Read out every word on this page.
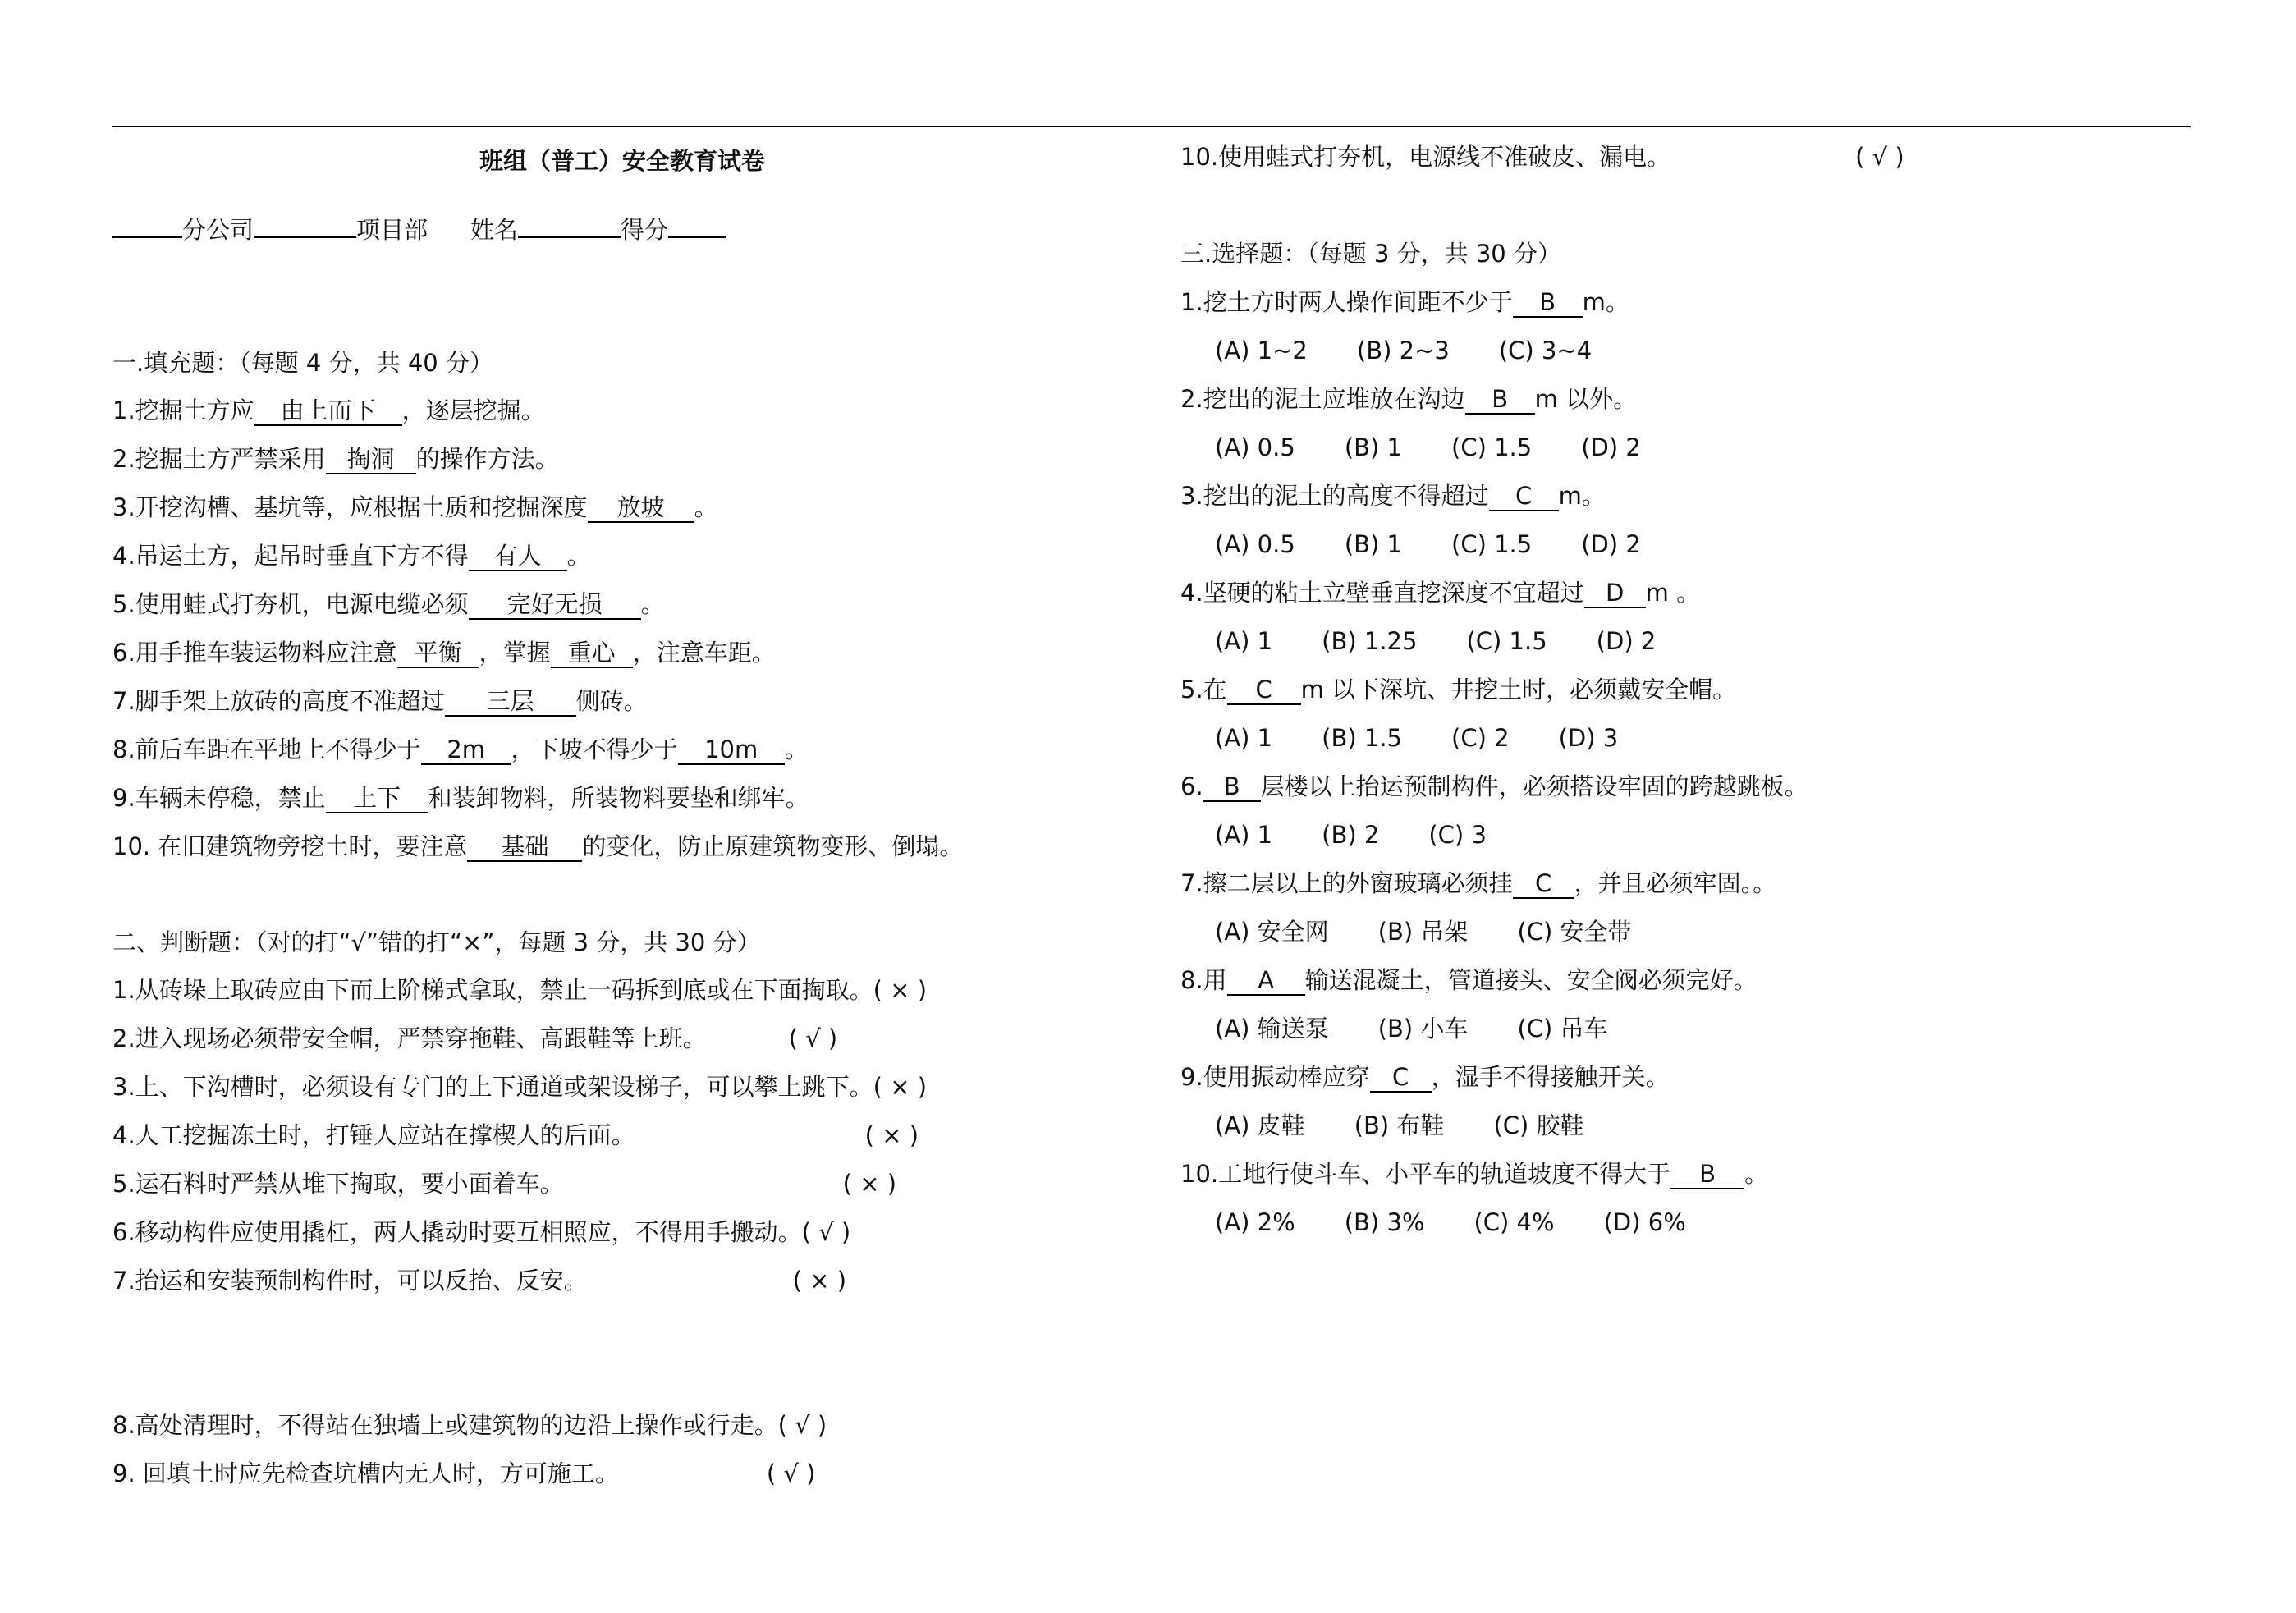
班组（普工）安全教育试卷
分公司	项目部 姓名	得分
一.填充题：（每题 4 分，共 40 分）
1.挖掘土方应 由上而下 ，逐层挖掘。
2.挖掘土方严禁采用 掏洞 的操作方法。
3.开挖沟槽、基坑等，应根据土质和挖掘深度 放坡 。
4.吊运土方，起吊时垂直下方不得 有人 。
5.使用蛙式打夯机，电源电缆必须 完好无损 。
6.用手推车装运物料应注意 平衡 ，掌握 重心 ，注意车距。
7.脚手架上放砖的高度不准超过 三层 侧砖。
8.前后车距在平地上不得少于 2m ，下坡不得少于 10m 。
9.车辆未停稳，禁止 上下 和装卸物料，所装物料要垫和绑牢。
10. 在旧建筑物旁挖土时，要注意 基础 的变化，防止原建筑物变形、倒塌。
二、判断题：（对的打“√”错的打“×”，每题 3 分，共 30 分）
1.从砖垛上取砖应由下而上阶梯式拿取，禁止一码拆到底或在下面掏取。( × )
2.进入现场必须带安全帽，严禁穿拖鞋、高跟鞋等上班。	( √ )
3.上、下沟槽时，必须设有专门的上下通道或架设梯子，可以攀上跳下。( × )
4.人工挖掘冻土时，打锤人应站在撑楔人的后面。	( × )
5.运石料时严禁从堆下掏取，要小面着车。	( × )
6.移动构件应使用撬杠，两人撬动时要互相照应，不得用手搬动。( √ )
7.抬运和安装预制构件时，可以反抬、反安。	( × )
8.高处清理时，不得站在独墙上或建筑物的边沿上操作或行走。( √ )
9. 回填土时应先检查坑槽内无人时，方可施工。	( √ )
10.使用蛙式打夯机，电源线不准破皮、漏电。	( √ )
三.选择题：（每题 3 分，共 30 分）
1.挖土方时两人操作间距不少于 B m。
(A) 1~2 (B) 2~3 (C) 3~4
2.挖出的泥土应堆放在沟边 B m 以外。
(A) 0.5 (B) 1 (C) 1.5 (D) 2
3.挖出的泥土的高度不得超过 C m。
(A) 0.5 (B) 1 (C) 1.5 (D) 2
4.坚硬的粘土立壁垂直挖深度不宜超过 D m 。
(A) 1 (B) 1.25 (C) 1.5 (D) 2
5.在 C m 以下深坑、井挖土时，必须戴安全帽。
(A) 1 (B) 1.5 (C) 2 (D) 3
6. B 层楼以上抬运预制构件，必须搭设牢固的跨越跳板。
(A) 1 (B) 2 (C) 3
7.擦二层以上的外窗玻璃必须挂 C ，并且必须牢固。。
(A) 安全网 (B) 吊架 (C) 安全带
8.用 A 输送混凝土，管道接头、安全阀必须完好。
(A) 输送泵 (B) 小车 (C) 吊车
9.使用振动棒应穿 C ，湿手不得接触开关。
(A) 皮鞋 (B) 布鞋 (C) 胶鞋
10.工地行使斗车、小平车的轨道坡度不得大于 B 。
(A) 2% (B) 3% (C) 4% (D) 6%
